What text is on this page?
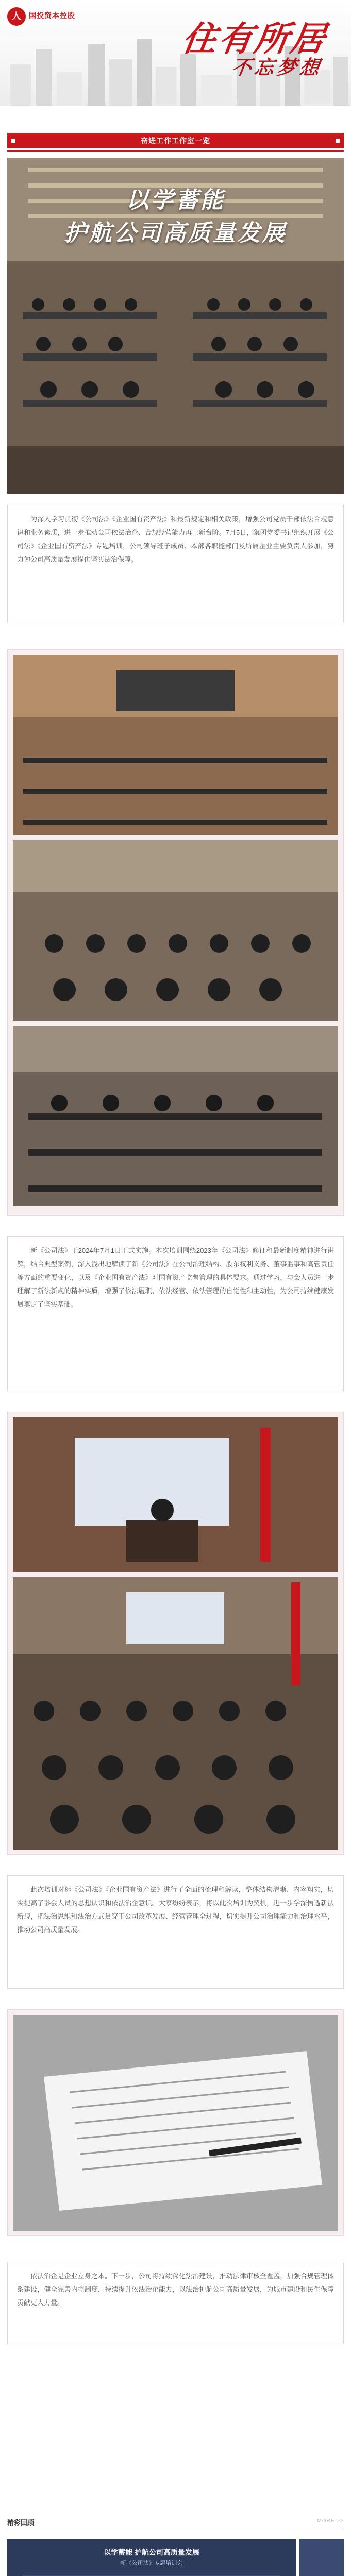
人	国投资本控股
住有所居
不忘梦想
奋进工作工作室一览
以学蓄能
护航公司高质量发展

为深入学习贯彻《公司法》《企业国有资产法》和最新规定和相关政策，增强公司党员干部依法合规意识和业务素质，进一步推动公司依法治企、合规经营能力再上新台阶。7月5日，集团党委书记组织开展《公司法》《企业国有资产法》专题培训，公司领导班子成员、本部各职能部门及所属企业主要负责人参加，努力为公司高质量发展提供坚实法治保障。

新《公司法》于2024年7月1日正式实施。本次培训围绕2023年《公司法》修订和最新制度精神进行讲解，结合典型案例，深入浅出地解读了新《公司法》在公司治理结构、股东权利义务、董事监事和高管责任等方面的重要变化，以及《企业国有资产法》对国有资产监督管理的具体要求。通过学习，与会人员进一步理解了新法新规的精神实质，增强了依法履职、依法经营、依法管理的自觉性和主动性，为公司持续健康发展奠定了坚实基础。

此次培训对标《公司法》《企业国有资产法》进行了全面的梳理和解读，整体结构清晰、内容翔实，切实提高了参会人员的思想认识和依法治企意识。大家纷纷表示，将以此次培训为契机，进一步学深悟透新法新规，把法治思维和法治方式贯穿于公司改革发展、经营管理全过程，切实提升公司治理能力和治理水平，推动公司高质量发展。

依法治企是企业立身之本。下一步，公司将持续深化法治建设，推动法律审核全覆盖，加强合规管理体系建设，健全完善内控制度，持续提升依法治企能力，以法治护航公司高质量发展，为城市建设和民生保障贡献更大力量。

精彩回顾	MORE >>
以学蓄能 护航公司高质量发展
新《公司法》专题培训会
